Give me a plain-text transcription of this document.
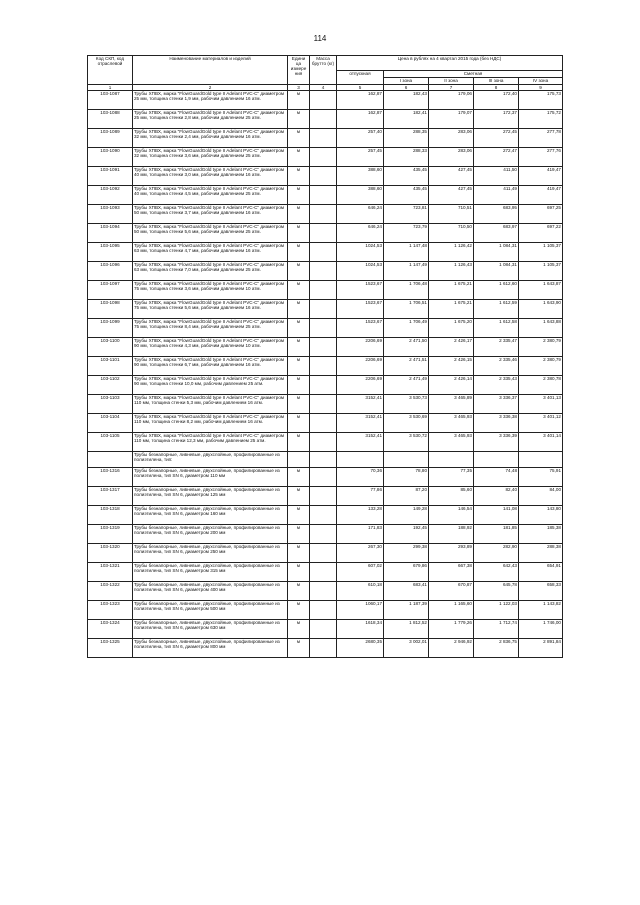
114
Код СКП, код отраслевой	Наименование материалов и изделий	Едини ца измере ния	Масса брутто (кг)	Цена в рублях на 4 квартал 2015 года (без НДС)				
				отпускная	Сметная			
					I зона	II зона	III зона	IV зона
1	2	3	4	5	6	7	8	9
103-1087	Трубы ХПВХ, марка "FlowGuardGold type II Adelant PVC-C" диаметром 25 мм, толщина стенки 1,9 мм, рабочим давлением 16 атм.	м		162,87	182,43	179,06	172,40	175,73
103-1088	Трубы ХПВХ, марка "FlowGuardGold type II Adelant PVC-C" диаметром 25 мм, толщина стенки 2,8 мм, рабочим давлением 25 атм.	м		162,87	182,41	179,07	172,37	175,72
103-1089	Трубы ХПВХ, марка "FlowGuardGold type II Adelant PVC-C" диаметром 32 мм, толщина стенки 2,4 мм, рабочим давлением 16 атм.	м		257,40	288,35	283,06	272,45	277,78
103-1090	Трубы ХПВХ, марка "FlowGuardGold type II Adelant PVC-C" диаметром 32 мм, толщина стенки 3,6 мм, рабочим давлением 25 атм.	м		257,45	288,33	283,06	272,47	277,76
103-1091	Трубы ХПВХ, марка "FlowGuardGold type II Adelant PVC-C" диаметром 40 мм, толщина стенки 3,0 мм, рабочим давлением 16 атм.	м		388,60	435,45	427,45	411,50	419,47
103-1092	Трубы ХПВХ, марка "FlowGuardGold type II Adelant PVC-C" диаметром 40 мм, толщина стенки 4,5 мм, рабочим давлением 25 атм.	м		388,60	435,45	427,45	411,49	419,47
103-1093	Трубы ХПВХ, марка "FlowGuardGold type II Adelant PVC-C" диаметром 50 мм, толщина стенки 3,7 мм, рабочим давлением 16 атм.	м		646,24	723,81	710,51	683,95	697,25
103-1094	Трубы ХПВХ, марка "FlowGuardGold type II Adelant PVC-C" диаметром 50 мм, толщина стенки 5,6 мм, рабочим давлением 25 атм.	м		646,24	723,79	710,50	683,97	697,22
103-1095	Трубы ХПВХ, марка "FlowGuardGold type II Adelant PVC-C" диаметром 63 мм, толщина стенки 4,7 мм, рабочим давлением 16 атм.	м		1024,53	1 147,48	1 126,42	1 084,31	1 105,37
103-1096	Трубы ХПВХ, марка "FlowGuardGold type II Adelant PVC-C" диаметром 63 мм, толщина стенки 7,0 мм, рабочим давлением 25 атм.	м		1024,53	1 147,49	1 126,43	1 084,31	1 105,37
103-1097	Трубы ХПВХ, марка "FlowGuardGold type II Adelant PVC-C" диаметром 75 мм, толщина стенки 3,6 мм, рабочим давлением 10 атм.	м		1523,67	1 706,48	1 675,21	1 612,60	1 643,87
103-1098	Трубы ХПВХ, марка "FlowGuardGold type II Adelant PVC-C" диаметром 75 мм, толщина стенки 5,6 мм, рабочим давлением 16 атм.	м		1523,67	1 706,51	1 675,21	1 612,59	1 643,90
103-1099	Трубы ХПВХ, марка "FlowGuardGold type II Adelant PVC-C" диаметром 75 мм, толщина стенки 8,4 мм, рабочим давлением 25 атм.	м		1523,67	1 706,49	1 675,20	1 612,58	1 643,88
103-1100	Трубы ХПВХ, марка "FlowGuardGold type II Adelant PVC-C" диаметром 90 мм, толщина стенки 4,3 мм, рабочим давлением 10 атм.	м		2206,69	2 471,50	2 426,17	2 335,47	2 380,79
103-1101	Трубы ХПВХ, марка "FlowGuardGold type II Adelant PVC-C" диаметром 90 мм, толщина стенки 6,7 мм, рабочим давлением 16 атм.	м		2206,69	2 471,51	2 426,15	2 335,46	2 380,79
103-1102	Трубы ХПВХ, марка "FlowGuardGold type II Adelant PVC-C" диаметром 90 мм, толщина стенки 10,0 мм, рабочим давлением 25 атм.	м		2206,69	2 471,49	2 426,14	2 335,43	2 380,78
103-1103	Трубы ХПВХ, марка "FlowGuardGold type II Adelant PVC-C" диаметром 110 мм, толщина стенки 5,3 мм, рабочим давлением 16 атм.	м		3152,41	3 530,73	3 465,89	3 336,37	3 401,13
103-1104	Трубы ХПВХ, марка "FlowGuardGold type II Adelant PVC-C" диаметром 110 мм, толщина стенки 8,2 мм, рабочим давлением 16 атм.	м		3152,41	3 530,69	3 465,93	3 336,38	3 401,12
103-1105	Трубы ХПВХ, марка "FlowGuardGold type II Adelant PVC-C" диаметром 110 мм, толщина стенки 12,3 мм, рабочим давлением 25 атм.	м		3152,41	3 530,72	3 465,93	3 336,39	3 401,14
	Трубы безнапорные, ливневые, двухслойные, профилированные из полиэтилена, тип:							
103-1316	Трубы безнапорные, ливневые, двухслойные, профилированные из полиэтилена, тип SN 6, диаметром 110 мм	м		70,36	78,80	77,35	74,48	75,91
103-1317	Трубы безнапорные, ливневые, двухслойные, профилированные из полиэтилена, тип SN 6, диаметром 125 мм	м		77,86	87,20	85,60	82,40	84,00
103-1318	Трубы безнапорные, ливневые, двухслойные, профилированные из полиэтилена, тип SN 6, диаметром 160 мм	м		133,28	149,28	146,54	141,08	143,80
103-1319	Трубы безнапорные, ливневые, двухслойные, профилированные из полиэтилена, тип SN 6, диаметром 200 мм	м		171,83	192,45	188,92	181,85	185,38
103-1320	Трубы безнапорные, ливневые, двухслойные, профилированные из полиэтилена, тип SN 6, диаметром 250 мм	м		267,30	299,38	293,89	282,90	288,38
103-1321	Трубы безнапорные, ливневые, двухслойные, профилированные из полиэтилена, тип SN 6, диаметром 315 мм	м		607,02	679,86	667,38	642,43	654,91
103-1322	Трубы безнапорные, ливневые, двухслойные, профилированные из полиэтилена, тип SN 6, диаметром 400 мм	м		610,18	683,41	670,87	645,78	658,33
103-1323	Трубы безнапорные, ливневые, двухслойные, профилированные из полиэтилена, тип SN 6, диаметром 500 мм	м		1060,17	1 187,39	1 165,60	1 122,03	1 143,82
103-1324	Трубы безнапорные, ливневые, двухслойные, профилированные из полиэтилена, тип SN 6, диаметром 630 мм	м		1618,34	1 812,52	1 779,26	1 712,74	1 746,00
103-1325	Трубы безнапорные, ливневые, двухслойные, профилированные из полиэтилена, тип SN 6, диаметром 800 мм	м		2680,35	3 002,01	2 946,92	2 836,75	2 891,84
